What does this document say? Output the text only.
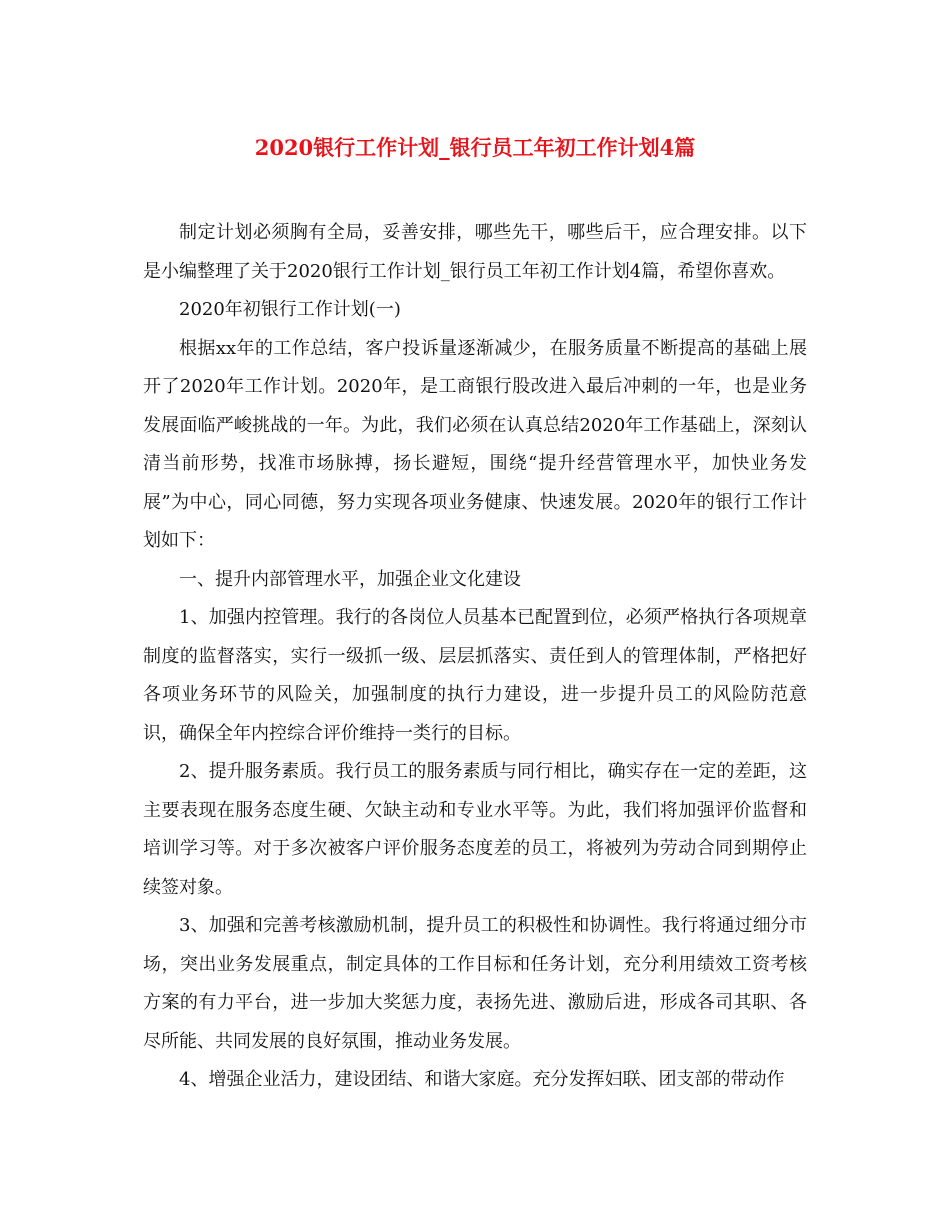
2020银行工作计划_银行员工年初工作计划4篇

制定计划必须胸有全局，妥善安排，哪些先干，哪些后干，应合理安排。以下是小编整理了关于2020银行工作计划_银行员工年初工作计划4篇，希望你喜欢。

2020年初银行工作计划(一)

根据xx年的工作总结，客户投诉量逐渐减少，在服务质量不断提高的基础上展开了2020年工作计划。2020年，是工商银行股改进入最后冲刺的一年，也是业务发展面临严峻挑战的一年。为此，我们必须在认真总结2020年工作基础上，深刻认清当前形势，找准市场脉搏，扬长避短，围绕“提升经营管理水平，加快业务发展”为中心，同心同德，努力实现各项业务健康、快速发展。2020年的银行工作计划如下：

一、提升内部管理水平，加强企业文化建设

1、加强内控管理。我行的各岗位人员基本已配置到位，必须严格执行各项规章制度的监督落实，实行一级抓一级、层层抓落实、责任到人的管理体制，严格把好各项业务环节的风险关，加强制度的执行力建设，进一步提升员工的风险防范意识，确保全年内控综合评价维持一类行的目标。

2、提升服务素质。我行员工的服务素质与同行相比，确实存在一定的差距，这主要表现在服务态度生硬、欠缺主动和专业水平等。为此，我们将加强评价监督和培训学习等。对于多次被客户评价服务态度差的员工，将被列为劳动合同到期停止续签对象。

3、加强和完善考核激励机制，提升员工的积极性和协调性。我行将通过细分市场，突出业务发展重点，制定具体的工作目标和任务计划，充分利用绩效工资考核方案的有力平台，进一步加大奖惩力度，表扬先进、激励后进，形成各司其职、各尽所能、共同发展的良好氛围，推动业务发展。

4、增强企业活力，建设团结、和谐大家庭。充分发挥妇联、团支部的带动作
